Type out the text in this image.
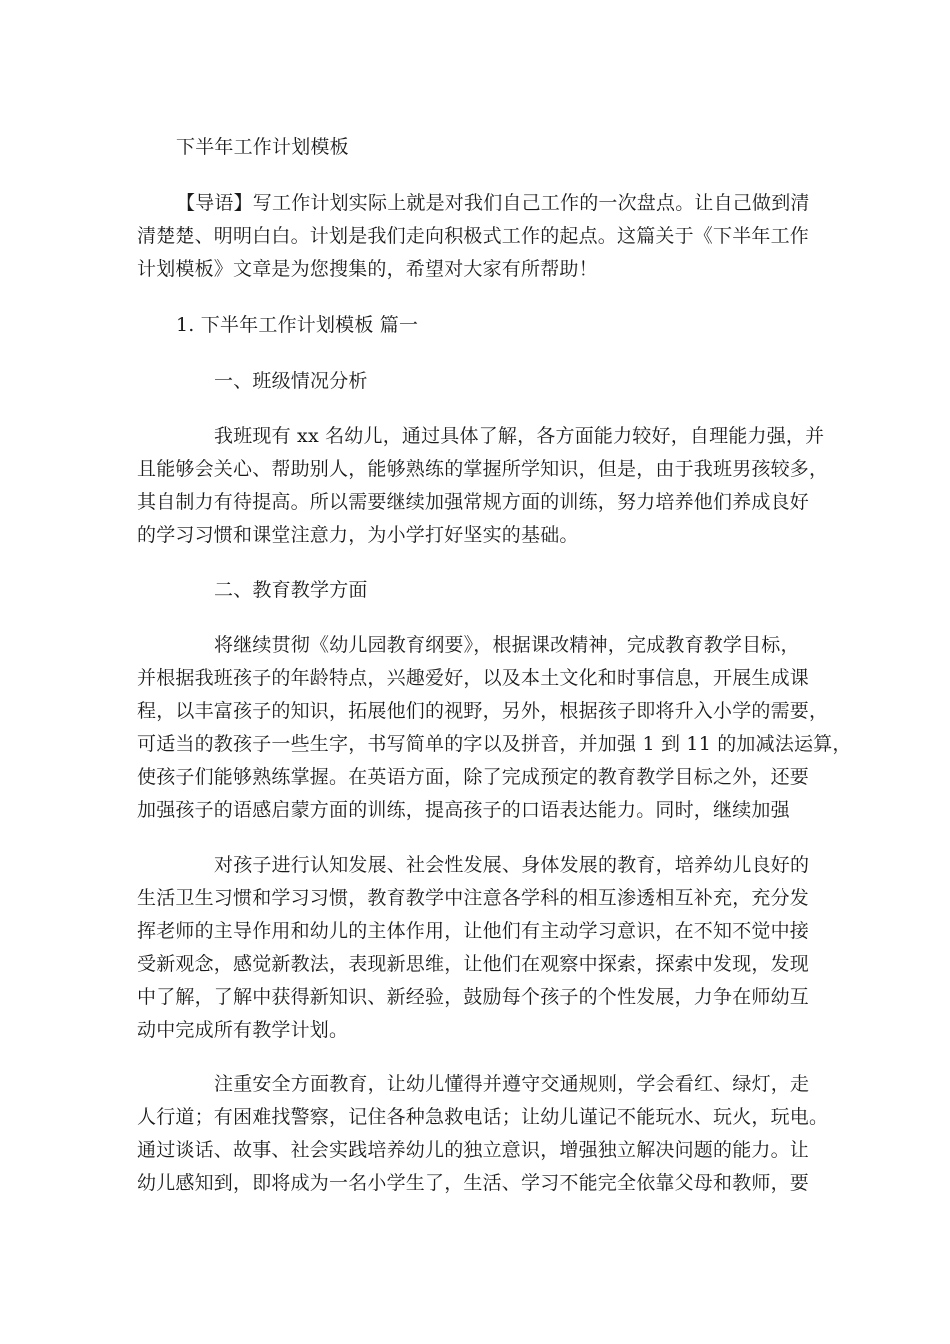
下半年工作计划模板
【导语】写工作计划实际上就是对我们自己工作的一次盘点。让自己做到清
清楚楚、明明白白。计划是我们走向积极式工作的起点。这篇关于《下半年工作
计划模板》文章是为您搜集的，希望对大家有所帮助！
1. 下半年工作计划模板 篇一
一、班级情况分析
我班现有 xx 名幼儿，通过具体了解，各方面能力较好，自理能力强，并
且能够会关心、帮助别人，能够熟练的掌握所学知识，但是，由于我班男孩较多，
其自制力有待提高。所以需要继续加强常规方面的训练，努力培养他们养成良好
的学习习惯和课堂注意力，为小学打好坚实的基础。
二、教育教学方面
将继续贯彻《幼儿园教育纲要》，根据课改精神，完成教育教学目标，
并根据我班孩子的年龄特点，兴趣爱好，以及本土文化和时事信息，开展生成课
程，以丰富孩子的知识，拓展他们的视野，另外，根据孩子即将升入小学的需要，
可适当的教孩子一些生字，书写简单的字以及拼音，并加强 1 到 11 的加减法运算，
使孩子们能够熟练掌握。在英语方面，除了完成预定的教育教学目标之外，还要
加强孩子的语感启蒙方面的训练，提高孩子的口语表达能力。同时，继续加强
对孩子进行认知发展、社会性发展、身体发展的教育，培养幼儿良好的
生活卫生习惯和学习习惯，教育教学中注意各学科的相互渗透相互补充，充分发
挥老师的主导作用和幼儿的主体作用，让他们有主动学习意识，在不知不觉中接
受新观念，感觉新教法，表现新思维，让他们在观察中探索，探索中发现，发现
中了解，了解中获得新知识、新经验，鼓励每个孩子的个性发展，力争在师幼互
动中完成所有教学计划。
注重安全方面教育，让幼儿懂得并遵守交通规则，学会看红、绿灯，走
人行道；有困难找警察，记住各种急救电话；让幼儿谨记不能玩水、玩火，玩电。
通过谈话、故事、社会实践培养幼儿的独立意识，增强独立解决问题的能力。让
幼儿感知到，即将成为一名小学生了，生活、学习不能完全依靠父母和教师，要
